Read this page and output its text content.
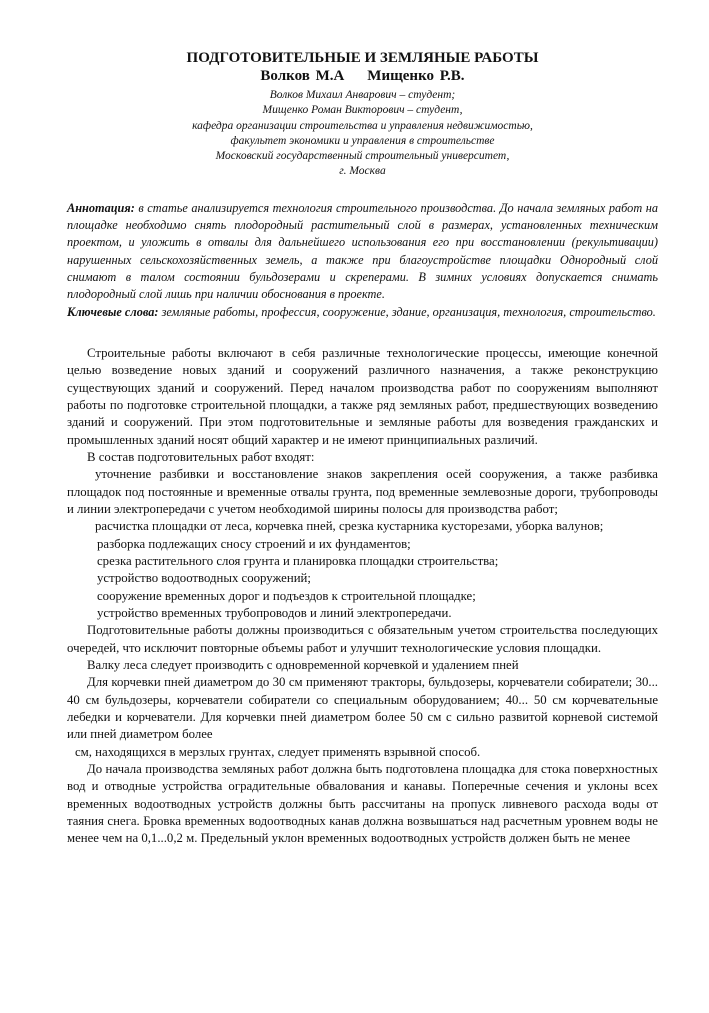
ПОДГОТОВИТЕЛЬНЫЕ И ЗЕМЛЯНЫЕ РАБОТЫ
Волков М.А    Мищенко Р.В.

Волков Михаил Анварович – студент;

Мищенко Роман Викторович – студент,

кафедра организации строительства и управления недвижимостью,

факультет экономики и управления в строительстве

Московский государственный строительный университет,

г. Москва

Аннотация: в статье анализируется технология строительного производства. До начала земляных работ на площадке необходимо снять плодородный растительный слой в размерах, установленных техническим проектом, и уложить в отвалы для дальнейшего использования его при восстановлении (рекультивации) нарушенных сельскохозяйственных земель, а также при благоустройстве площадки Однородный слой снимают в талом состоянии бульдозерами и скреперами. В зимних условиях допускается снимать плодородный слой лишь при наличии обоснования в проекте.

Ключевые слова: земляные работы, профессия, сооружение, здание, организация, технология, строительство.

Строительные работы включают в себя различные технологические процессы, имеющие конечной целью возведение новых зданий и сооружений различного назначения, а также реконструкцию существующих зданий и сооружений. Перед началом производства работ по сооружениям выполняют работы по подготовке строительной площадки, а также ряд земляных работ, предшествующих возведению зданий и сооружений. При этом подготовительные и земляные работы для возведения гражданских и промышленных зданий носят общий характер и не имеют принципиальных различий.

В состав подготовительных работ входят:

уточнение разбивки и восстановление знаков закрепления осей сооружения, а также разбивка площадок под постоянные и временные отвалы грунта, под временные землевозные дороги, трубопроводы и линии электропередачи с учетом необходимой ширины полосы для производства работ;

расчистка площадки от леса, корчевка пней, срезка кустарника кусторезами, уборка валунов;

разборка подлежащих сносу строений и их фундаментов;

срезка растительного слоя грунта и планировка площадки строительства;

устройство водоотводных сооружений;

сооружение временных дорог и подъездов к строительной площадке;

устройство временных трубопроводов и линий электропередачи.

Подготовительные работы должны производиться с обязательным учетом строительства последующих очередей, что исключит повторные объемы работ и улучшит технологические условия площадки.

Валку леса следует производить с одновременной корчевкой и удалением пней

Для корчевки пней диаметром до 30 см применяют тракторы, бульдозеры, корчеватели собиратели; 30... 40 см бульдозеры, корчеватели собиратели со специальным оборудованием; 40... 50 см корчевательные лебедки и корчеватели. Для корчевки пней диаметром более 50 см с сильно развитой корневой системой или пней диаметром более

см, находящихся в мерзлых грунтах, следует применять взрывной способ.

До начала производства земляных работ должна быть подготовлена площадка для стока поверхностных вод и отводные устройства оградительные обвалования и канавы. Поперечные сечения и уклоны всех временных водоотводных устройств должны быть рассчитаны на пропуск ливневого расхода воды от таяния снега. Бровка временных водоотводных канав должна возвышаться над расчетным уровнем воды не менее чем на 0,1...0,2 м. Предельный уклон временных водоотводных устройств должен быть не менее
